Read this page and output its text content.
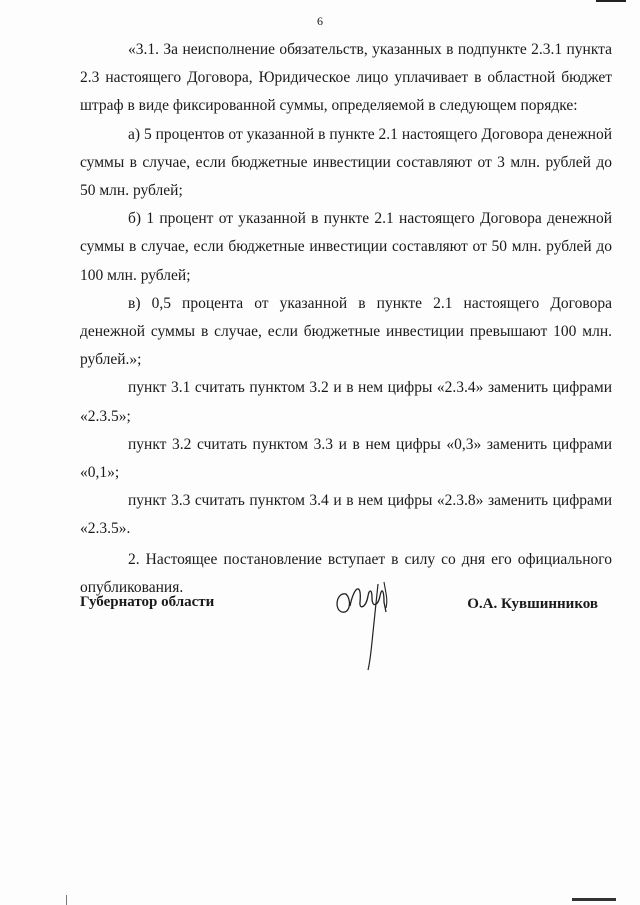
6

«3.1. За неисполнение обязательств, указанных в подпункте 2.3.1 пункта 2.3 настоящего Договора, Юридическое лицо уплачивает в областной бюджет штраф в виде фиксированной суммы, определяемой в следующем порядке:

а) 5 процентов от указанной в пункте 2.1 настоящего Договора денежной суммы в случае, если бюджетные инвестиции составляют от 3 млн. рублей до 50 млн. рублей;

б) 1 процент от указанной в пункте 2.1 настоящего Договора денежной суммы в случае, если бюджетные инвестиции составляют от 50 млн. рублей до 100 млн. рублей;

в) 0,5 процента от указанной в пункте 2.1 настоящего Договора денежной суммы в случае, если бюджетные инвестиции превышают 100 млн. рублей.»;

пункт 3.1 считать пунктом 3.2 и в нем цифры «2.3.4» заменить цифрами «2.3.5»;

пункт 3.2 считать пунктом 3.3 и в нем цифры «0,3» заменить цифрами «0,1»;

пункт 3.3 считать пунктом 3.4 и в нем цифры «2.3.8» заменить цифрами «2.3.5».

2. Настоящее постановление вступает в силу со дня его официального опубликования.

Губернатор области	О.А. Кувшинников
